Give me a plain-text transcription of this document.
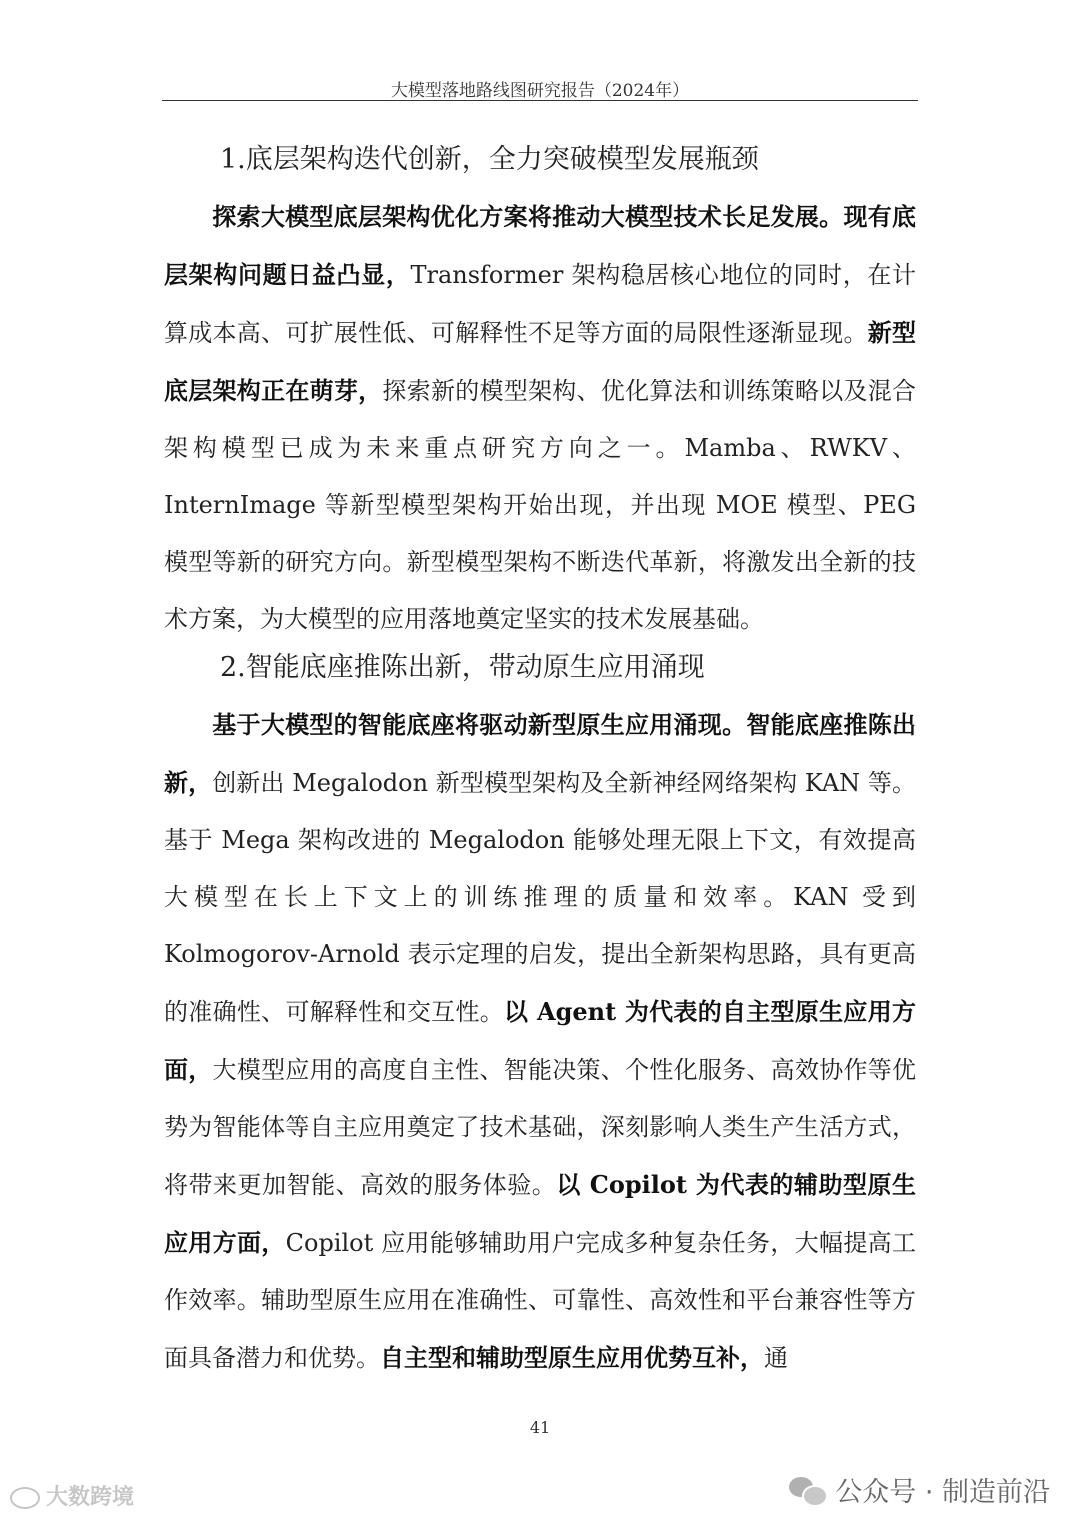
大模型落地路线图研究报告（2024年）
1.底层架构迭代创新，全力突破模型发展瓶颈
探索大模型底层架构优化方案将推动大模型技术长足发展。现有底层架构问题日益凸显，Transformer 架构稳居核心地位的同时，在计算成本高、可扩展性低、可解释性不足等方面的局限性逐渐显现。新型底层架构正在萌芽，探索新的模型架构、优化算法和训练策略以及混合架构模型已成为未来重点研究方向之一。Mamba、RWKV、InternImage 等新型模型架构开始出现，并出现 MOE 模型、PEG 模型等新的研究方向。新型模型架构不断迭代革新，将激发出全新的技术方案，为大模型的应用落地奠定坚实的技术发展基础。
2.智能底座推陈出新，带动原生应用涌现
基于大模型的智能底座将驱动新型原生应用涌现。智能底座推陈出新，创新出 Megalodon 新型模型架构及全新神经网络架构 KAN 等。基于 Mega 架构改进的 Megalodon 能够处理无限上下文，有效提高大模型在长上下文上的训练推理的质量和效率。KAN 受到 Kolmogorov-Arnold 表示定理的启发，提出全新架构思路，具有更高的准确性、可解释性和交互性。以 Agent 为代表的自主型原生应用方面，大模型应用的高度自主性、智能决策、个性化服务、高效协作等优势为智能体等自主应用奠定了技术基础，深刻影响人类生产生活方式，将带来更加智能、高效的服务体验。以 Copilot 为代表的辅助型原生应用方面，Copilot 应用能够辅助用户完成多种复杂任务，大幅提高工作效率。辅助型原生应用在准确性、可靠性、高效性和平台兼容性等方面具备潜力和优势。自主型和辅助型原生应用优势互补，通
41
大数跨境	公众号 · 制造前沿
